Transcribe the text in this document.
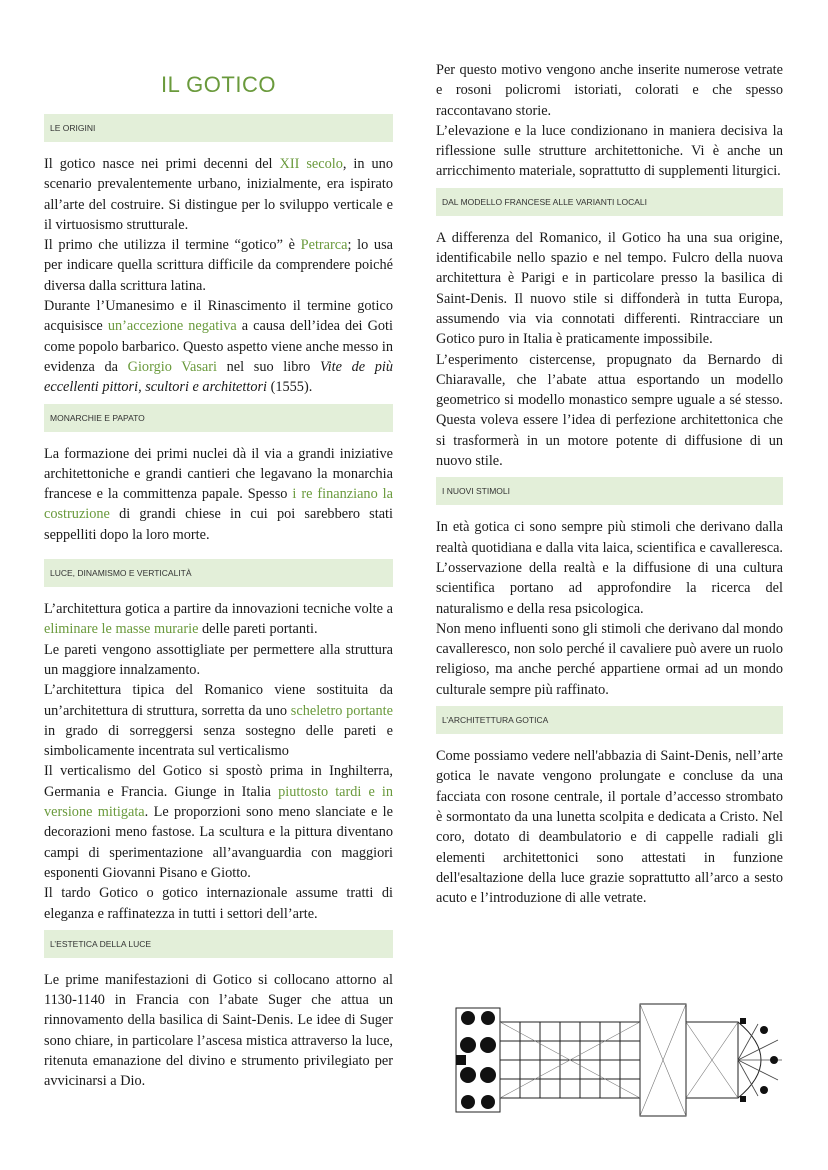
IL GOTICO
LE ORIGINI

Il gotico nasce nei primi decenni del XII secolo, in uno scenario prevalentemente urbano, inizialmente, era ispirato all’arte del costruire. Si distingue per lo sviluppo verticale e il virtuosismo strutturale.

Il primo che utilizza il termine “gotico” è Petrarca; lo usa per indicare quella scrittura difficile da comprendere poiché diversa dalla scrittura latina.

Durante l’Umanesimo e il Rinascimento il termine gotico acquisisce un’accezione negativa a causa dell’idea dei Goti come popolo barbarico. Questo aspetto viene anche messo in evidenza da Giorgio Vasari nel suo libro Vite de più eccellenti pittori, scultori e architettori (1555).

MONARCHIE E PAPATO

La formazione dei primi nuclei dà il via a grandi iniziative architettoniche e grandi cantieri che legavano la monarchia francese e la committenza papale. Spesso i re finanziano la costruzione di grandi chiese in cui poi sarebbero stati seppelliti dopo la loro morte.

LUCE, DINAMISMO E VERTICALITÀ

L’architettura gotica a partire da innovazioni tecniche volte a eliminare le masse murarie delle pareti portanti.

Le pareti vengono assottigliate per permettere alla struttura un maggiore innalzamento.

L’architettura tipica del Romanico viene sostituita da un’architettura di struttura, sorretta da uno scheletro portante in grado di sorreggersi senza sostegno delle pareti e simbolicamente incentrata sul verticalismo

Il verticalismo del Gotico si spostò prima in Inghilterra, Germania e Francia. Giunge in Italia piuttosto tardi e in versione mitigata. Le proporzioni sono meno slanciate e le decorazioni meno fastose. La scultura e la pittura diventano campi di sperimentazione all’avanguardia con maggiori esponenti Giovanni Pisano e Giotto.

Il tardo Gotico o gotico internazionale assume tratti di eleganza e raffinatezza in tutti i settori dell’arte.

L’ESTETICA DELLA LUCE

Le prime manifestazioni di Gotico si collocano attorno al 1130-1140 in Francia con l’abate Suger che attua un rinnovamento della basilica di Saint-Denis. Le idee di Suger sono chiare, in particolare l’ascesa mistica attraverso la luce, ritenuta emanazione del divino e strumento privilegiato per avvicinarsi a Dio.

Per questo motivo vengono anche inserite numerose vetrate e rosoni policromi istoriati, colorati e che spesso raccontavano storie.

L’elevazione e la luce condizionano in maniera decisiva la riflessione sulle strutture architettoniche. Vi è anche un arricchimento materiale, soprattutto di supplementi liturgici.

DAL MODELLO FRANCESE ALLE VARIANTI LOCALI

A differenza del Romanico, il Gotico ha una sua origine, identificabile nello spazio e nel tempo. Fulcro della nuova architettura è Parigi e in particolare presso la basilica di Saint-Denis. Il nuovo stile si diffonderà in tutta Europa, assumendo via via connotati differenti. Rintracciare un Gotico puro in Italia è praticamente impossibile.

L’esperimento cistercense, propugnato da Bernardo di Chiaravalle, che l’abate attua esportando un modello geometrico si modello monastico sempre uguale a sé stesso. Questa voleva essere l’idea di perfezione architettonica che si trasformerà in un motore potente di diffusione di un nuovo stile.

I NUOVI STIMOLI

In età gotica ci sono sempre più stimoli che derivano dalla realtà quotidiana e dalla vita laica, scientifica e cavalleresca. L’osservazione della realtà e la diffusione di una cultura scientifica portano ad approfondire la ricerca del naturalismo e della resa psicologica.

Non meno influenti sono gli stimoli che derivano dal mondo cavalleresco, non solo perché il cavaliere può avere un ruolo religioso, ma anche perché appartiene ormai ad un mondo culturale sempre più raffinato.

L’ARCHITETTURA GOTICA

Come possiamo vedere nell'abbazia di Saint-Denis, nell’arte gotica le navate vengono prolungate e concluse da una facciata con rosone centrale, il portale d’accesso strombato è sormontato da una lunetta scolpita e dedicata a Cristo. Nel coro, dotato di deambulatorio e di cappelle radiali gli elementi architettonici sono attestati in funzione dell'esaltazione della luce grazie soprattutto all’arco a sesto acuto e l’introduzione di alle vetrate.
